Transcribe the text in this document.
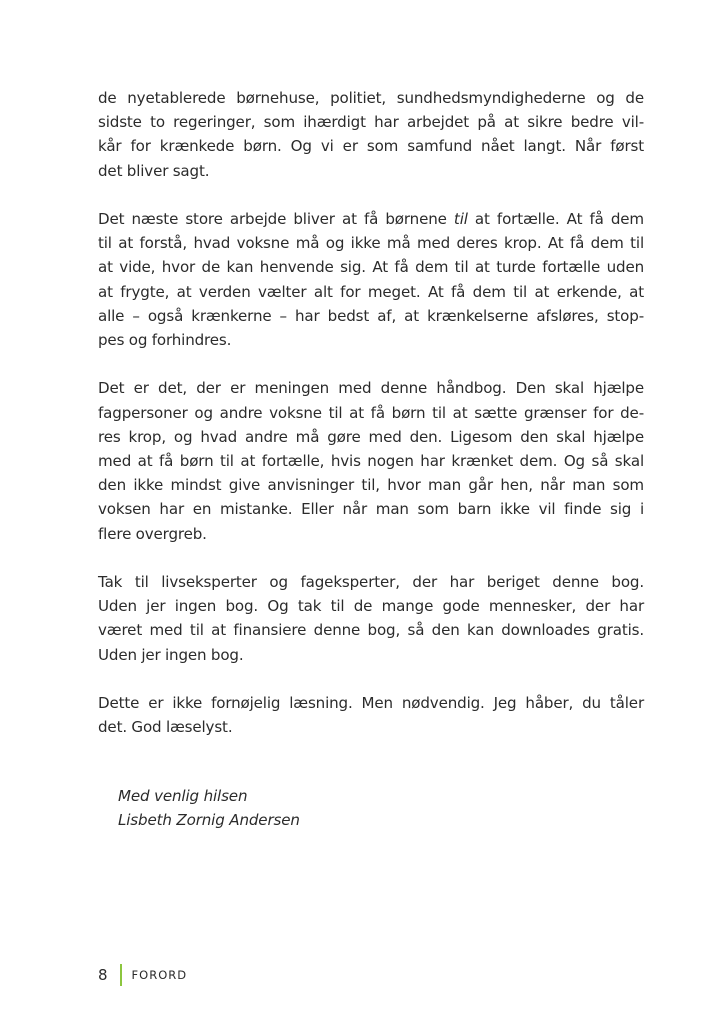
de nyetablerede børnehuse, politiet, sundhedsmyndighederne og de
sidste to regeringer, som ihærdigt har arbejdet på at sikre bedre vil-
kår for krænkede børn. Og vi er som samfund nået langt. Når først
det bliver sagt.

Det næste store arbejde bliver at få børnene til at fortælle. At få dem
til at forstå, hvad voksne må og ikke må med deres krop. At få dem til
at vide, hvor de kan henvende sig. At få dem til at turde fortælle uden
at frygte, at verden vælter alt for meget. At få dem til at erkende, at
alle – også krænkerne – har bedst af, at krænkelserne afsløres, stop-
pes og forhindres.

Det er det, der er meningen med denne håndbog. Den skal hjælpe
fagpersoner og andre voksne til at få børn til at sætte grænser for de-
res krop, og hvad andre må gøre med den. Ligesom den skal hjælpe
med at få børn til at fortælle, hvis nogen har krænket dem. Og så skal
den ikke mindst give anvisninger til, hvor man går hen, når man som
voksen har en mistanke. Eller når man som barn ikke vil finde sig i
flere overgreb.

Tak til livseksperter og fageksperter, der har beriget denne bog.
Uden jer ingen bog. Og tak til de mange gode mennesker, der har
været med til at finansiere denne bog, så den kan downloades gratis.
Uden jer ingen bog.

Dette er ikke fornøjelig læsning. Men nødvendig. Jeg håber, du tåler
det. God læselyst.

Med venlig hilsen
Lisbeth Zornig Andersen
8 FORORD
